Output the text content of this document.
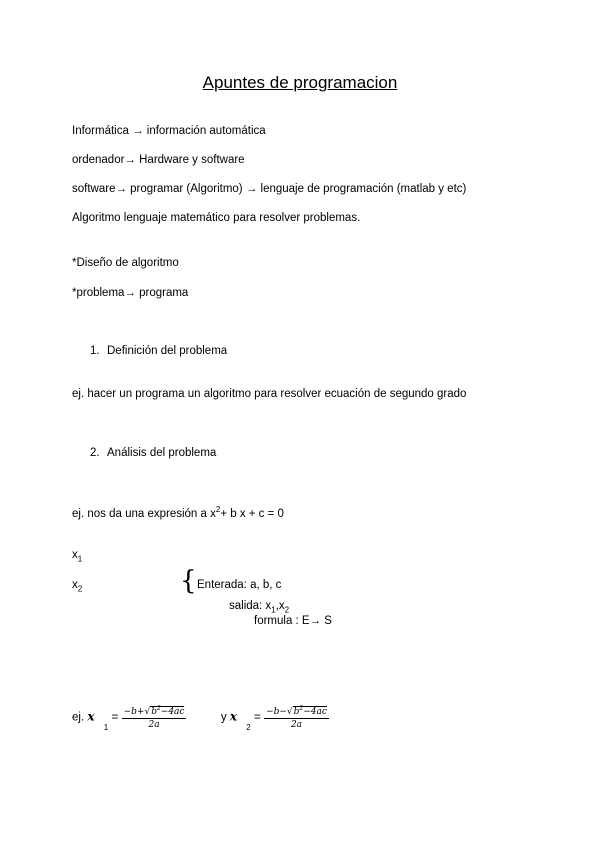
Apuntes de programacion
Informática → información automática
ordenador→ Hardware y software
software→ programar (Algoritmo) → lenguaje de programación (matlab y etc)
Algoritmo lenguaje matemático para resolver problemas.
*Diseño de algoritmo
*problema→ programa
1. Definición del problema
ej. hacer un programa un algoritmo para resolver ecuación de segundo grado
2. Análisis del problema
ej. nos da una expresión a $x^2+ b$ x + c = 0
$x_1$
$x_2$	{ Enterada: a, b, c
salida: $x_1,x_2$
formula : E→ S
ej. x $_1 = \frac{-b+√b^2-4ac}{2a}$	y x $_2 = \frac{-b-√b^2-4ac}{2a}$
